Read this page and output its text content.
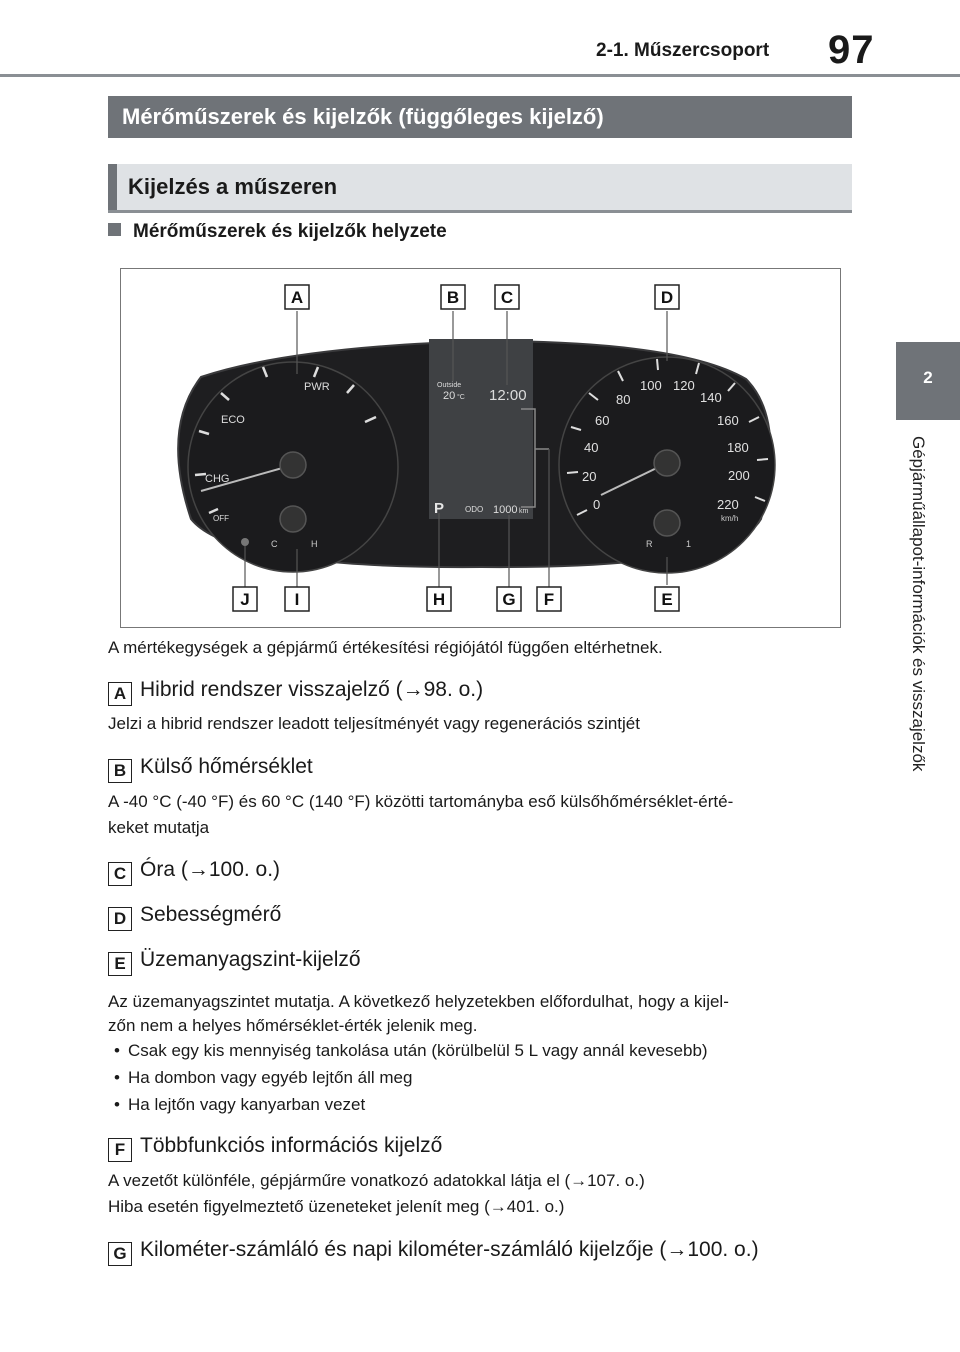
2-1. Műszercsoport 97
2
Gépjárműállapot-információk és visszajelzők
Mérőműszerek és kijelzők (függőleges kijelző)
Kijelzés a műszeren
Mérőműszerek és kijelzők helyzete
PWR
ECO
CHG
OFF
C	H
Outside
20 °C 12:00
P	ODO 1000 km	0
20
40
60
80
100 120
140
160
180
200
220
km/h
R	1
A	B C	D
J	I	H	G F	E
A mértékegységek a gépjármű értékesítési régiójától függően eltérhetnek.
A Hibrid rendszer visszajelző (→98. o.)
Jelzi a hibrid rendszer leadott teljesítményét vagy regenerációs szintjét
B Külső hőmérséklet
A -40 °C (-40 °F) és 60 °C (140 °F) közötti tartományba eső külsőhőmérséklet-érté-
keket mutatja
C Óra (→100. o.)
D Sebességmérő
E Üzemanyagszint-kijelző
Az üzemanyagszintet mutatja. A következő helyzetekben előfordulhat, hogy a kijel-
zőn nem a helyes hőmérséklet-érték jelenik meg.
• Csak egy kis mennyiség tankolása után (körülbelül 5 L vagy annál kevesebb)
• Ha dombon vagy egyéb lejtőn áll meg
• Ha lejtőn vagy kanyarban vezet
F Többfunkciós információs kijelző
A vezetőt különféle, gépjárműre vonatkozó adatokkal látja el (→107. o.)
Hiba esetén figyelmeztető üzeneteket jelenít meg (→401. o.)
G Kilométer-számláló és napi kilométer-számláló kijelzője (→100. o.)
